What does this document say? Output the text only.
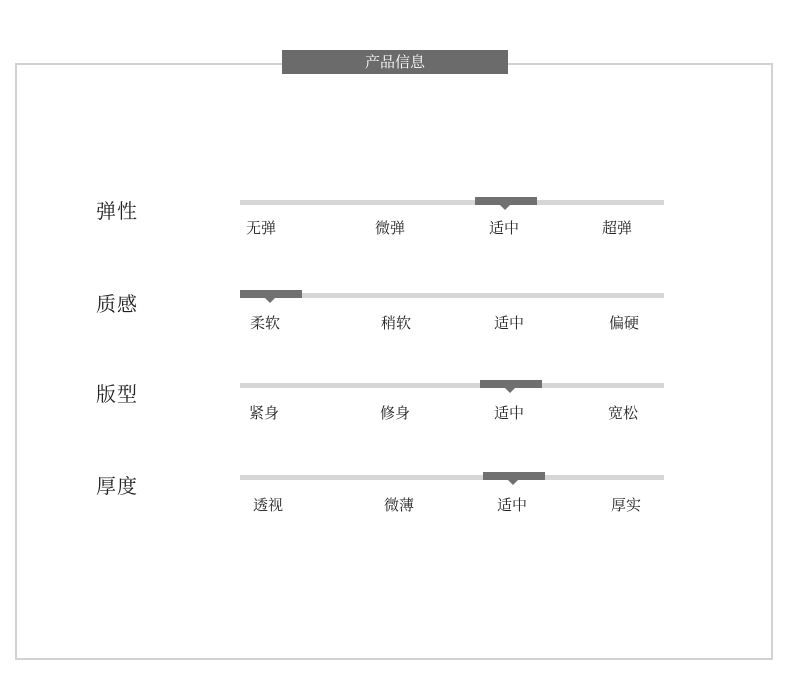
产品信息
弹性
无弹	微弹	适中	超弹
质感
柔软	稍软	适中	偏硬
版型
紧身	修身	适中	宽松
厚度
透视	微薄	适中	厚实
